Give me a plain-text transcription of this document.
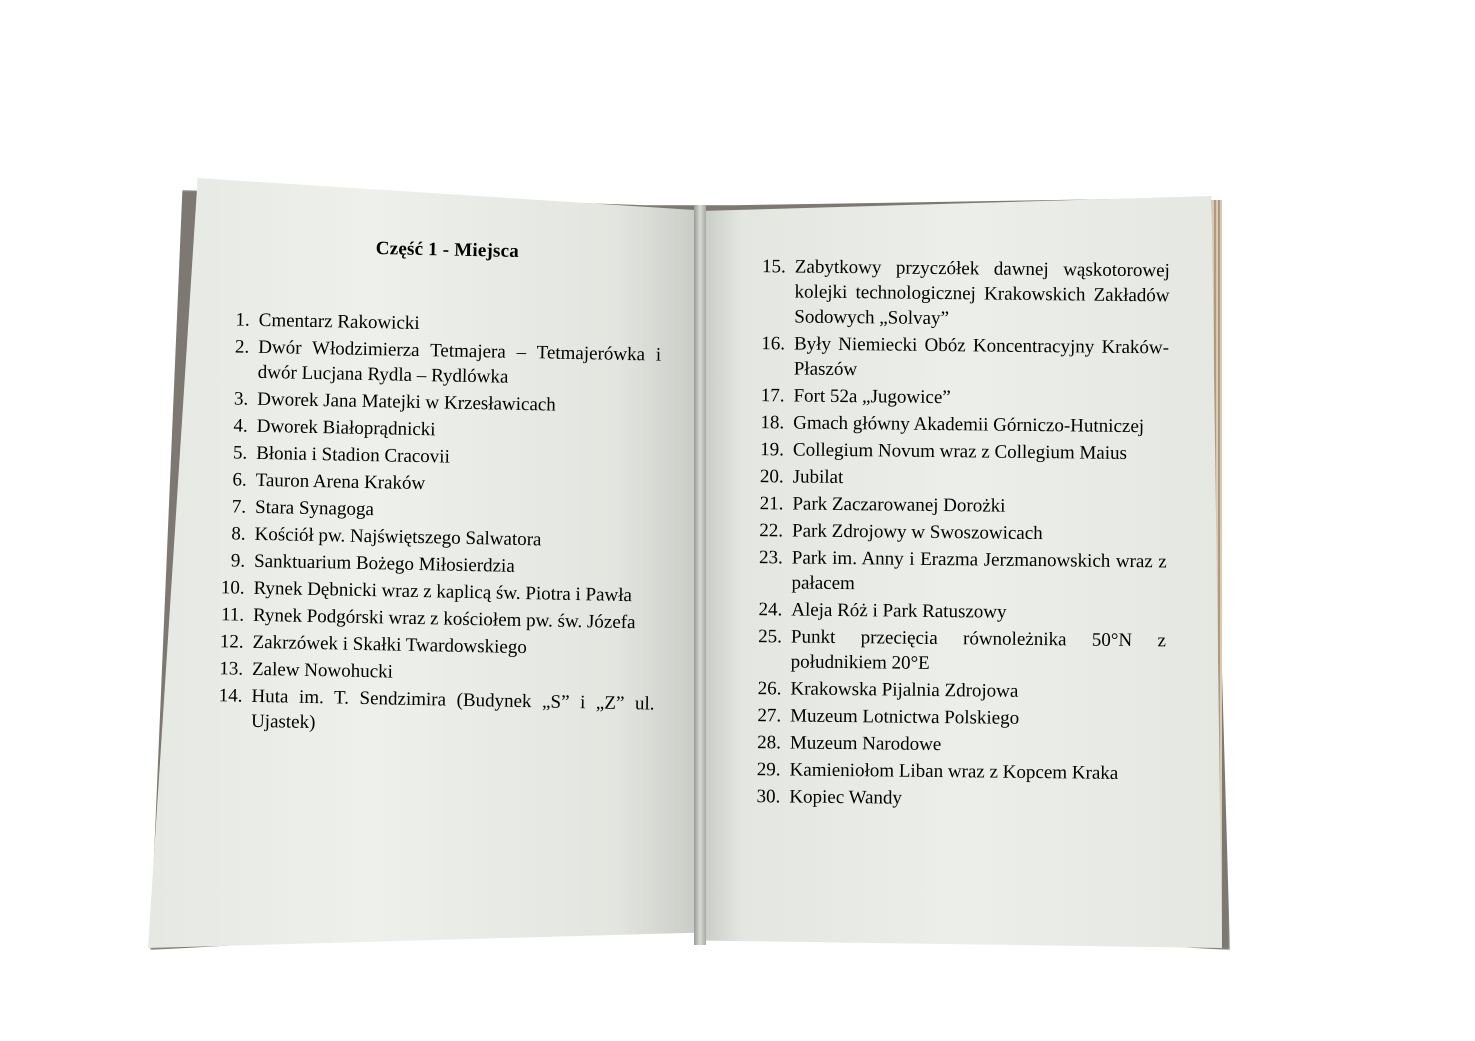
Część 1 - Miejsca
1. Cmentarz Rakowicki
2. Dwór Włodzimierza Tetmajera – Tetmajerówka i dwór Lucjana Rydla – Rydlówka
3. Dworek Jana Matejki w Krzesławicach
4. Dworek Białoprądnicki
5. Błonia i Stadion Cracovii
6. Tauron Arena Kraków
7. Stara Synagoga
8. Kościół pw. Najświętszego Salwatora
9. Sanktuarium Bożego Miłosierdzia
10. Rynek Dębnicki wraz z kaplicą św. Piotra i Pawła
11. Rynek Podgórski wraz z kościołem pw. św. Józefa
12. Zakrzówek i Skałki Twardowskiego
13. Zalew Nowohucki
14. Huta im. T. Sendzimira (Budynek „S” i „Z” ul. Ujastek)
15. Zabytkowy przyczółek dawnej wąskotorowej kolejki technologicznej Krakowskich Zakładów Sodowych „Solvay”
16. Były Niemiecki Obóz Koncentracyjny Kraków-Płaszów
17. Fort 52a „Jugowice”
18. Gmach główny Akademii Górniczo-Hutniczej
19. Collegium Novum wraz z Collegium Maius
20. Jubilat
21. Park Zaczarowanej Dorożki
22. Park Zdrojowy w Swoszowicach
23. Park im. Anny i Erazma Jerzmanowskich wraz z pałacem
24. Aleja Róż i Park Ratuszowy
25. Punkt przecięcia równoleżnika 50°N z południkiem 20°E
26. Krakowska Pijalnia Zdrojowa
27. Muzeum Lotnictwa Polskiego
28. Muzeum Narodowe
29. Kamieniołom Liban wraz z Kopcem Kraka
30. Kopiec Wandy
